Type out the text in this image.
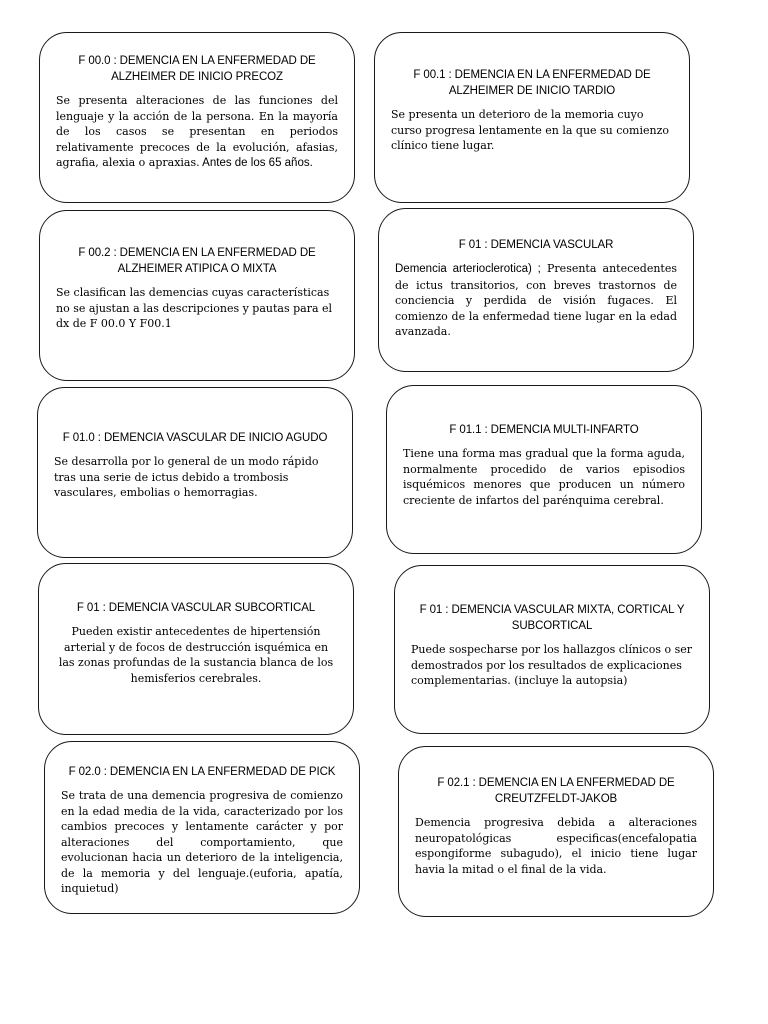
F 00.0 : DEMENCIA EN LA ENFERMEDAD DE ALZHEIMER DE INICIO PRECOZ
Se presenta alteraciones de las funciones del lenguaje y la acción de la persona. En la mayoría de los casos se presentan en periodos relativamente precoces de la evolución, afasias, agrafia, alexia o apraxias. Antes de los 65 años.
F 00.1 : DEMENCIA EN LA ENFERMEDAD DE ALZHEIMER DE INICIO TARDIO
Se presenta un deterioro de la memoria cuyo curso progresa lentamente en la que su comienzo clínico tiene lugar.
F 00.2 : DEMENCIA EN LA ENFERMEDAD DE ALZHEIMER ATIPICA O MIXTA
Se clasifican las demencias cuyas características no se ajustan a las descripciones y pautas para el dx de F 00.0 Y F00.1
F 01 : DEMENCIA VASCULAR
Demencia arterioclerotica) ; Presenta antecedentes de ictus transitorios, con breves trastornos de conciencia y perdida de visión fugaces. El comienzo de la enfermedad tiene lugar en la edad avanzada.
F 01.0 : DEMENCIA VASCULAR DE INICIO AGUDO
Se desarrolla por lo general de un modo rápido tras una serie de ictus debido a trombosis vasculares, embolias o hemorragias.
F 01.1 : DEMENCIA MULTI-INFARTO
Tiene una forma mas gradual que la forma aguda, normalmente procedido de varios episodios isquémicos menores que producen un número creciente de infartos del parénquima cerebral.
F 01 : DEMENCIA VASCULAR SUBCORTICAL
Pueden existir antecedentes de hipertensión arterial y de focos de destrucción isquémica en las zonas profundas de la sustancia blanca de los hemisferios cerebrales.
F 01 : DEMENCIA VASCULAR MIXTA, CORTICAL Y SUBCORTICAL
Puede sospecharse por los hallazgos clínicos o ser demostrados por los resultados de explicaciones complementarias. (incluye la autopsia)
F 02.0 : DEMENCIA EN LA ENFERMEDAD DE PICK
Se trata de una demencia progresiva de comienzo en la edad media de la vida, caracterizado por los cambios precoces y lentamente carácter y por alteraciones del comportamiento, que evolucionan hacia un deterioro de la inteligencia, de la memoria y del lenguaje.(euforia, apatía, inquietud)
F 02.1 : DEMENCIA EN LA ENFERMEDAD DE CREUTZFELDT-JAKOB
Demencia progresiva debida a alteraciones neuropatológicas especificas(encefalopatia espongiforme subagudo), el inicio tiene lugar havia la mitad o el final de la vida.
